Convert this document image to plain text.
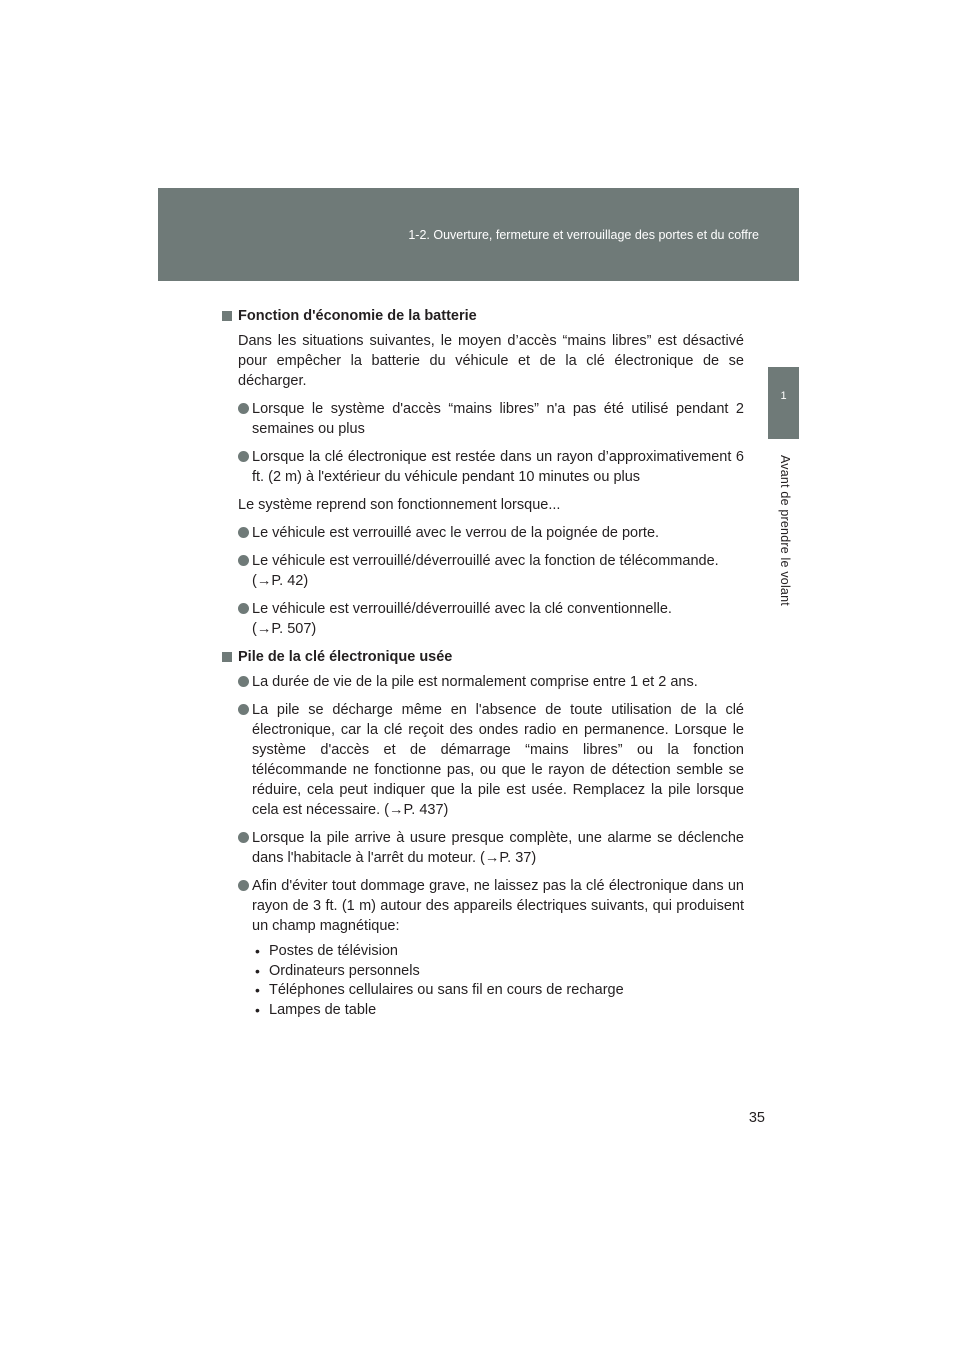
1-2. Ouverture, fermeture et verrouillage des portes et du coffre
1
Avant de prendre le volant
Fonction d'économie de la batterie

Dans les situations suivantes, le moyen d’accès “mains libres” est désactivé pour empêcher la batterie du véhicule et de la clé électronique de se décharger.

Lorsque le système d'accès “mains libres” n'a pas été utilisé pendant 2 semaines ou plus
Lorsque la clé électronique est restée dans un rayon d’approximativement 6 ft. (2 m) à l'extérieur du véhicule pendant 10 minutes ou plus

Le système reprend son fonctionnement lorsque...

Le véhicule est verrouillé avec le verrou de la poignée de porte.
Le véhicule est verrouillé/déverrouillé avec la fonction de télécommande.
(→P. 42)
Le véhicule est verrouillé/déverrouillé avec la clé conventionnelle.
(→P. 507)
Pile de la clé électronique usée
La durée de vie de la pile est normalement comprise entre 1 et 2 ans.
La pile se décharge même en l'absence de toute utilisation de la clé électronique, car la clé reçoit des ondes radio en permanence. Lorsque le système d'accès et de démarrage “mains libres” ou la fonction télécommande ne fonctionne pas, ou que le rayon de détection semble se réduire, cela peut indiquer que la pile est usée. Remplacez la pile lorsque cela est nécessaire. (→P. 437)
Lorsque la pile arrive à usure presque complète, une alarme se déclenche dans l'habitacle à l'arrêt du moteur. (→P. 37)
Afin d'éviter tout dommage grave, ne laissez pas la clé électronique dans un rayon de 3 ft. (1 m) autour des appareils électriques suivants, qui produisent un champ magnétique:
• Postes de télévision
• Ordinateurs personnels
• Téléphones cellulaires ou sans fil en cours de recharge
• Lampes de table
35
